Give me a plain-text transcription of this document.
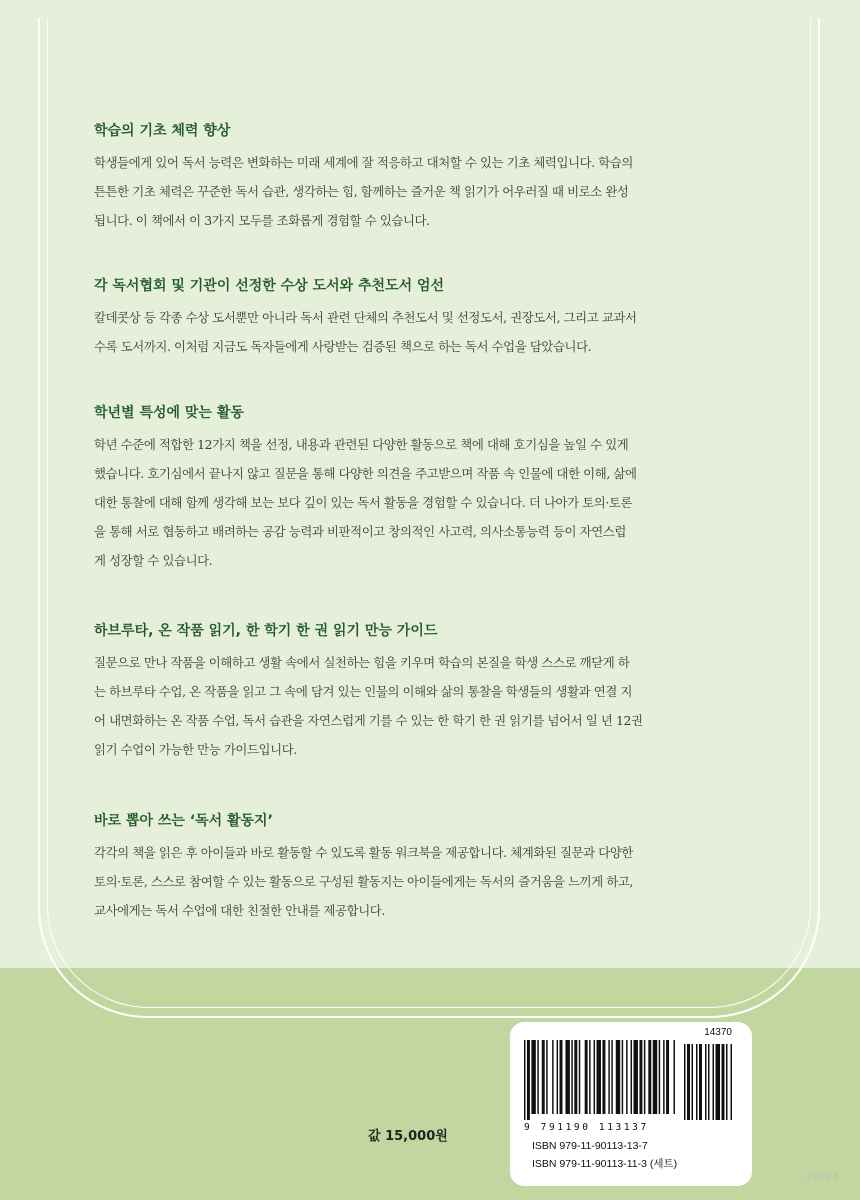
학습의 기초 체력 향상

학생들에게 있어 독서 능력은 변화하는 미래 세계에 잘 적응하고 대처할 수 있는 기초 체력입니다. 학습의
튼튼한 기초 체력은 꾸준한 독서 습관, 생각하는 힘, 함께하는 즐거운 책 읽기가 어우러질 때 비로소 완성
됩니다. 이 책에서 이 3가지 모두를 조화롭게 경험할 수 있습니다.

각 독서협회 및 기관이 선정한 수상 도서와 추천도서 엄선

칼데콧상 등 각종 수상 도서뿐만 아니라 독서 관련 단체의 추천도서 및 선정도서, 권장도서, 그리고 교과서
수록 도서까지. 이처럼 지금도 독자들에게 사랑받는 검증된 책으로 하는 독서 수업을 담았습니다.

학년별 특성에 맞는 활동

학년 수준에 적합한 12가지 책을 선정, 내용과 관련된 다양한 활동으로 책에 대해 호기심을 높일 수 있게
했습니다. 호기심에서 끝나지 않고 질문을 통해 다양한 의견을 주고받으며 작품 속 인물에 대한 이해, 삶에
대한 통찰에 대해 함께 생각해 보는 보다 깊이 있는 독서 활동을 경험할 수 있습니다. 더 나아가 토의·토론
을 통해 서로 협동하고 배려하는 공감 능력과 비판적이고 창의적인 사고력, 의사소통능력 등이 자연스럽
게 성장할 수 있습니다.

하브루타, 온 작품 읽기, 한 학기 한 권 읽기 만능 가이드

질문으로 만나 작품을 이해하고 생활 속에서 실천하는 힘을 키우며 학습의 본질을 학생 스스로 깨닫게 하
는 하브루타 수업, 온 작품을 읽고 그 속에 담겨 있는 인물의 이해와 삶의 통찰을 학생들의 생활과 연결 지
어 내면화하는 온 작품 수업, 독서 습관을 자연스럽게 기를 수 있는 한 학기 한 권 읽기를 넘어서 일 년 12권
읽기 수업이 가능한 만능 가이드입니다.

바로 뽑아 쓰는 ‘독서 활동지’

각각의 책을 읽은 후 아이들과 바로 활동할 수 있도록 활동 워크북을 제공합니다. 체계화된 질문과 다양한
토의·토론, 스스로 참여할 수 있는 활동으로 구성된 활동지는 아이들에게는 독서의 즐거움을 느끼게 하고,
교사에게는 독서 수업에 대한 친절한 안내를 제공합니다.

값 15,000원
14370
9 791190 113137
ISBN 979-11-90113-13-7
ISBN 979-11-90113-11-3 (세트)
yes24
